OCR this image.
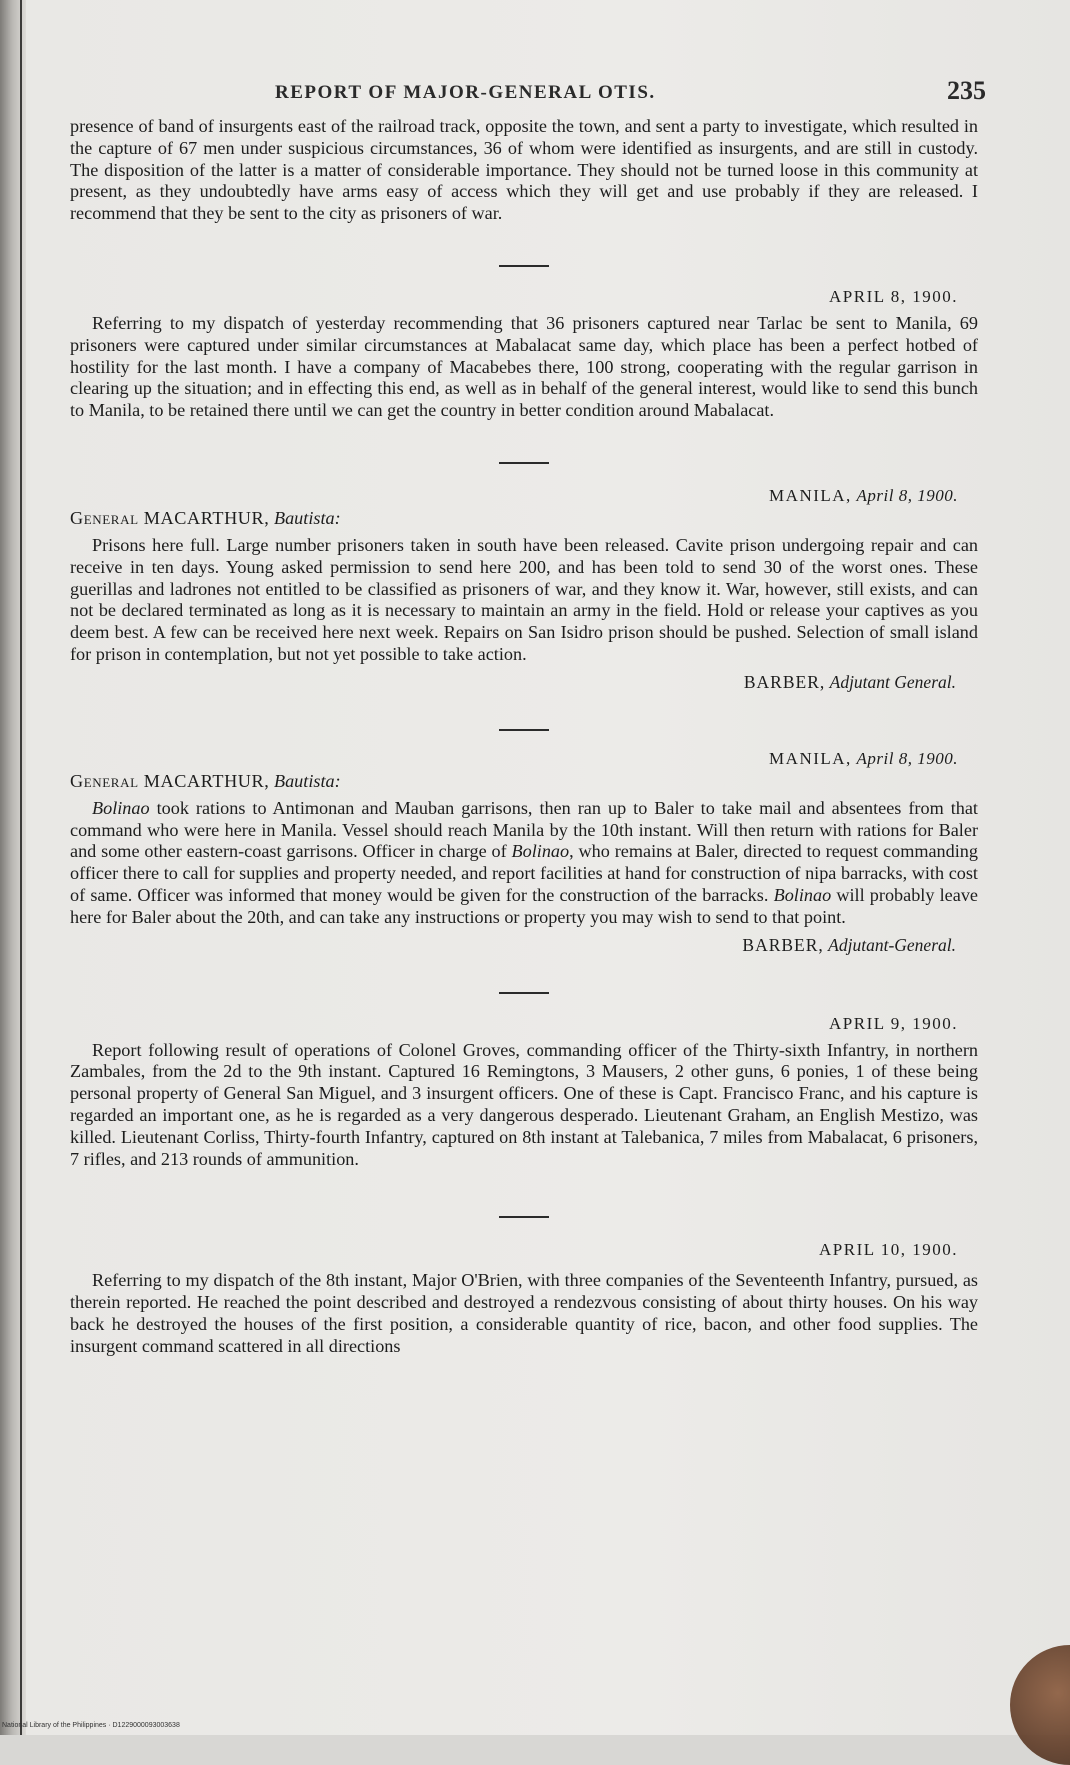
REPORT OF MAJOR-GENERAL OTIS.	235

presence of band of insurgents east of the railroad track, opposite the town, and sent a party to investigate, which resulted in the capture of 67 men under suspicious circumstances, 36 of whom were identified as insurgents, and are still in custody. The disposition of the latter is a matter of considerable importance. They should not be turned loose in this community at present, as they undoubtedly have arms easy of access which they will get and use probably if they are released. I recommend that they be sent to the city as prisoners of war.

APRIL 8, 1900.

Referring to my dispatch of yesterday recommending that 36 prisoners captured near Tarlac be sent to Manila, 69 prisoners were captured under similar circumstances at Mabalacat same day, which place has been a perfect hotbed of hostility for the last month. I have a company of Macabebes there, 100 strong, cooperating with the regular garrison in clearing up the situation; and in effecting this end, as well as in behalf of the general interest, would like to send this bunch to Manila, to be retained there until we can get the country in better condition around Mabalacat.

MANILA, April 8, 1900.

General MACARTHUR, Bautista:

Prisons here full. Large number prisoners taken in south have been released. Cavite prison undergoing repair and can receive in ten days. Young asked permission to send here 200, and has been told to send 30 of the worst ones. These guerillas and ladrones not entitled to be classified as prisoners of war, and they know it. War, however, still exists, and can not be declared terminated as long as it is necessary to maintain an army in the field. Hold or release your captives as you deem best. A few can be received here next week. Repairs on San Isidro prison should be pushed. Selection of small island for prison in contemplation, but not yet possible to take action.

BARBER, Adjutant General.
MANILA, April 8, 1900.

General MACARTHUR, Bautista:

Bolinao took rations to Antimonan and Mauban garrisons, then ran up to Baler to take mail and absentees from that command who were here in Manila. Vessel should reach Manila by the 10th instant. Will then return with rations for Baler and some other eastern-coast garrisons. Officer in charge of Bolinao, who remains at Baler, directed to request commanding officer there to call for supplies and property needed, and report facilities at hand for construction of nipa barracks, with cost of same. Officer was informed that money would be given for the construction of the barracks. Bolinao will probably leave here for Baler about the 20th, and can take any instructions or property you may wish to send to that point.

BARBER, Adjutant-General.
APRIL 9, 1900.

Report following result of operations of Colonel Groves, commanding officer of the Thirty-sixth Infantry, in northern Zambales, from the 2d to the 9th instant. Captured 16 Remingtons, 3 Mausers, 2 other guns, 6 ponies, 1 of these being personal property of General San Miguel, and 3 insurgent officers. One of these is Capt. Francisco Franc, and his capture is regarded an important one, as he is regarded as a very dangerous desperado. Lieutenant Graham, an English Mestizo, was killed. Lieutenant Corliss, Thirty-fourth Infantry, captured on 8th instant at Talebanica, 7 miles from Mabalacat, 6 prisoners, 7 rifles, and 213 rounds of ammunition.

APRIL 10, 1900.

Referring to my dispatch of the 8th instant, Major O'Brien, with three companies of the Seventeenth Infantry, pursued, as therein reported. He reached the point described and destroyed a rendezvous consisting of about thirty houses. On his way back he destroyed the houses of the first position, a considerable quantity of rice, bacon, and other food supplies. The insurgent command scattered in all directions

National Library of the Philippines · D1229000093003638
